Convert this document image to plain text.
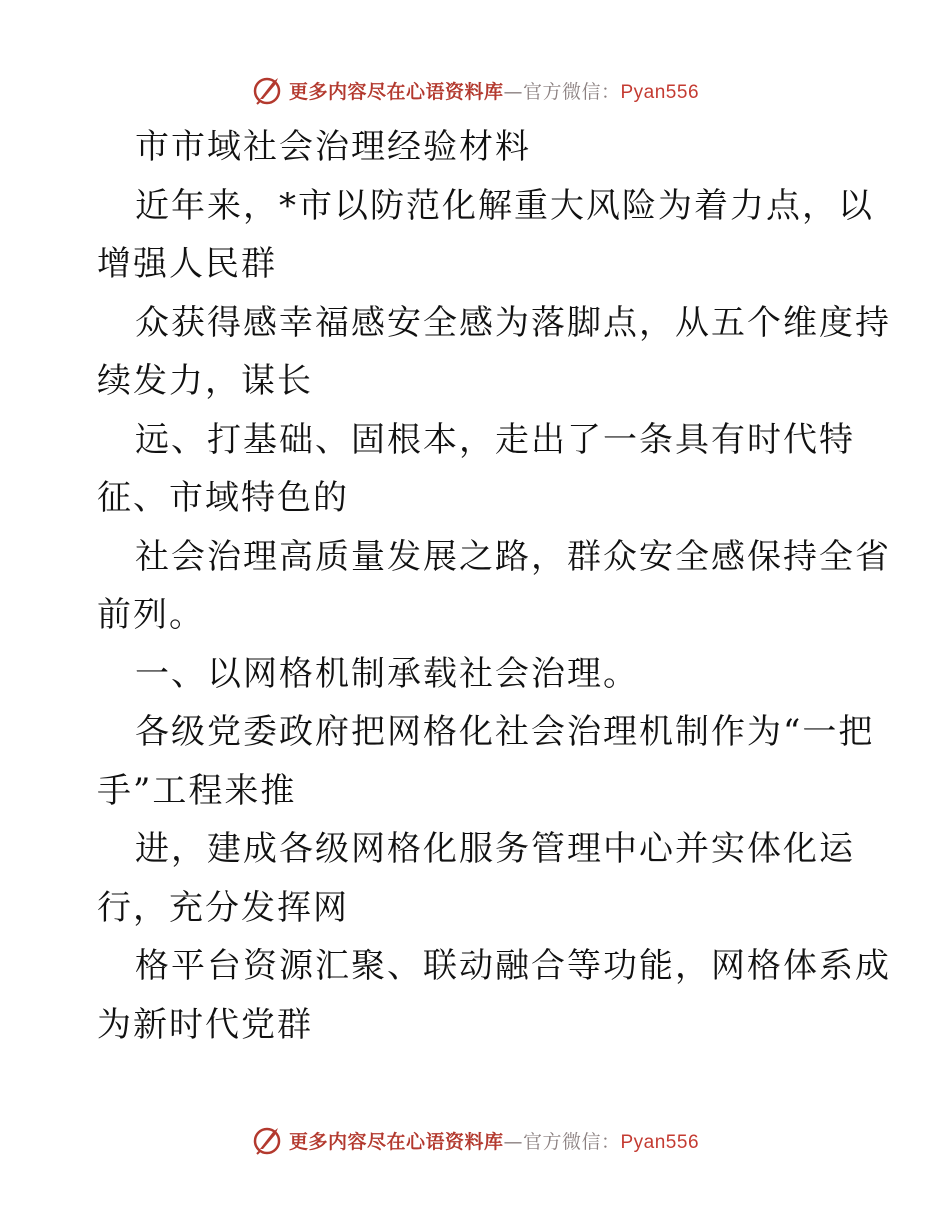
更多内容尽在心语资料库—官方微信：Pyan556

市市域社会治理经验材料

近年来，*市以防范化解重大风险为着力点，以

增强人民群

众获得感幸福感安全感为落脚点，从五个维度持

续发力，谋长

远、打基础、固根本，走出了一条具有时代特

征、市域特色的

社会治理高质量发展之路，群众安全感保持全省

前列。

一、以网格机制承载社会治理。

各级党委政府把网格化社会治理机制作为“一把

手”工程来推

进，建成各级网格化服务管理中心并实体化运

行，充分发挥网

格平台资源汇聚、联动融合等功能，网格体系成

为新时代党群

更多内容尽在心语资料库—官方微信：Pyan556
